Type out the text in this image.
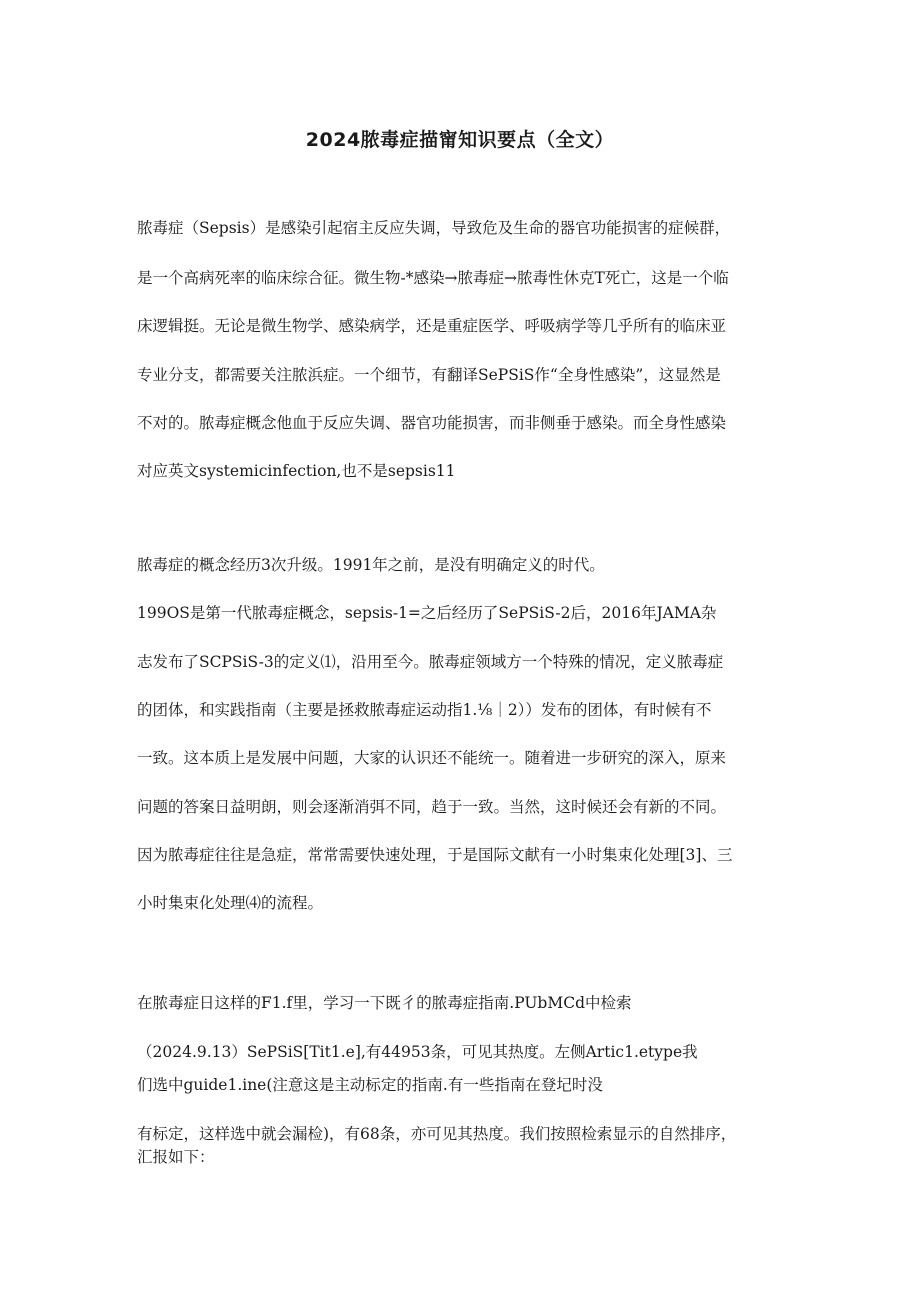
2024脓毒症描甯知识要点（全文）

脓毒症（Sepsis）是感染引起宿主反应失调，导致危及生命的器官功能损害的症候群，

是一个高病死率的临床综合征。微生物-*感染→脓毒症→脓毒性休克T死亡，这是一个临

床逻辑挺。无论是微生物学、感染病学，还是重症医学、呼吸病学等几乎所有的临床亚

专业分支，都需要关注脓浜症。一个细节，有翻译SePSiS作“全身性感染”，这显然是

不对的。脓毒症概念他血于反应失调、器官功能损害，而非侧垂于感染。而全身性感染

对应英文systemicinfection,也不是sepsis11

脓毒症的概念经历3次升级。1991年之前，是没有明确定义的时代。

199OS是第一代脓毒症概念，sepsis-1=之后经历了SePSiS-2后，2016年JAMA杂

志发布了SCPSiS-3的定义⑴，沿用至今。脓毒症领域方一个特殊的情况，定义脓毒症

的团体，和实践指南（主要是拯救脓毒症运动指1.⅛｜2））发布的团体，有时候有不

一致。这本质上是发展中问题，大家的认识还不能统一。随着进一步研究的深入，原来

问题的答案日益明朗，则会逐渐消弭不同，趋于一致。当然，这时候还会有新的不同。

因为脓毒症往往是急症，常常需要快速处理，于是国际文献有一小时集束化处理[3]、三

小时集束化处理⑷的流程。

在脓毒症日这样的F1.f里，学习一下既彳的脓毒症指南.PUbMCd中检索

（2024.9.13）SePSiS[Tit1.e],有44953条，可见其热度。左侧Artic1.etype我

们选中guide1.ine(注意这是主动标定的指南.有一些指南在登圮时没

有标定，这样选中就会漏检)，有68条，亦可见其热度。我们按照检索显示的自然排序，

汇报如下：
